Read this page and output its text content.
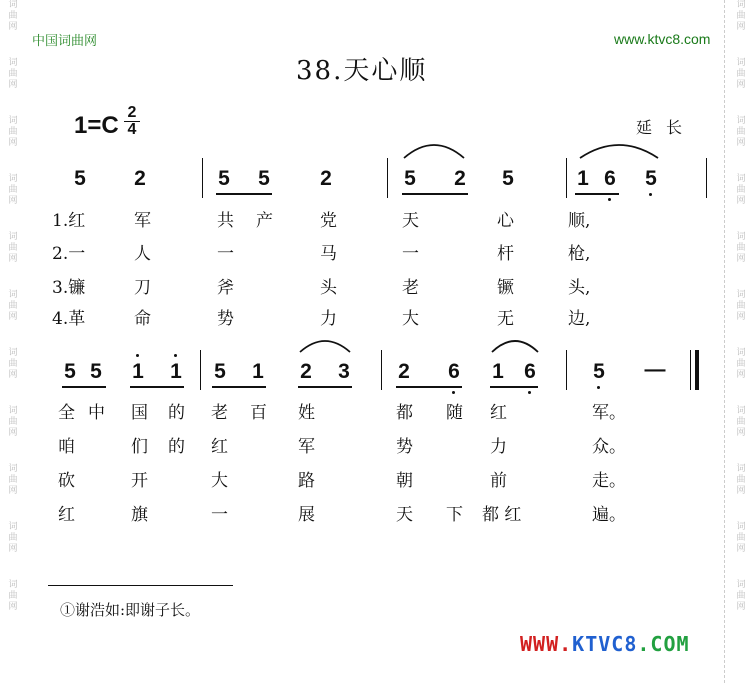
词
曲
网
词
曲
网
词
曲
网
词
曲
网
词
曲
网
词
曲
网
词
曲
网
词
曲
网
词
曲
网
词
曲
网
词
曲
网
词
曲
网
词
曲
网
词
曲
网
词
曲
网
词
曲
网
词
曲
网
词
曲
网
词
曲
网
词
曲
网
词
曲
网
词
曲
网
中国词曲网	www.ktvc8.com
38.天心顺
1=C 2
4	延长
5 2	5 5 2	5 2 5	1 6 5
1.红	军	共 产	党	天	心	顺,
2.一	人	一	马	一	杆	枪,
3.镰	刀	斧	头	老	镢	头,
4.革	命	势	力	大	无	边,
5 5 1 1 5 1 2 3 2 6 1 6	5 —
全 中 国 的 老 百 姓	都 随 红	军。
咱	们 的 红	军	势	力	众。
砍	开	大	路	朝	前	走。
红	旗	一	展	天 下 都 红	遍。
①谢浩如:即谢子长。
WWW.KTVC8.COM
